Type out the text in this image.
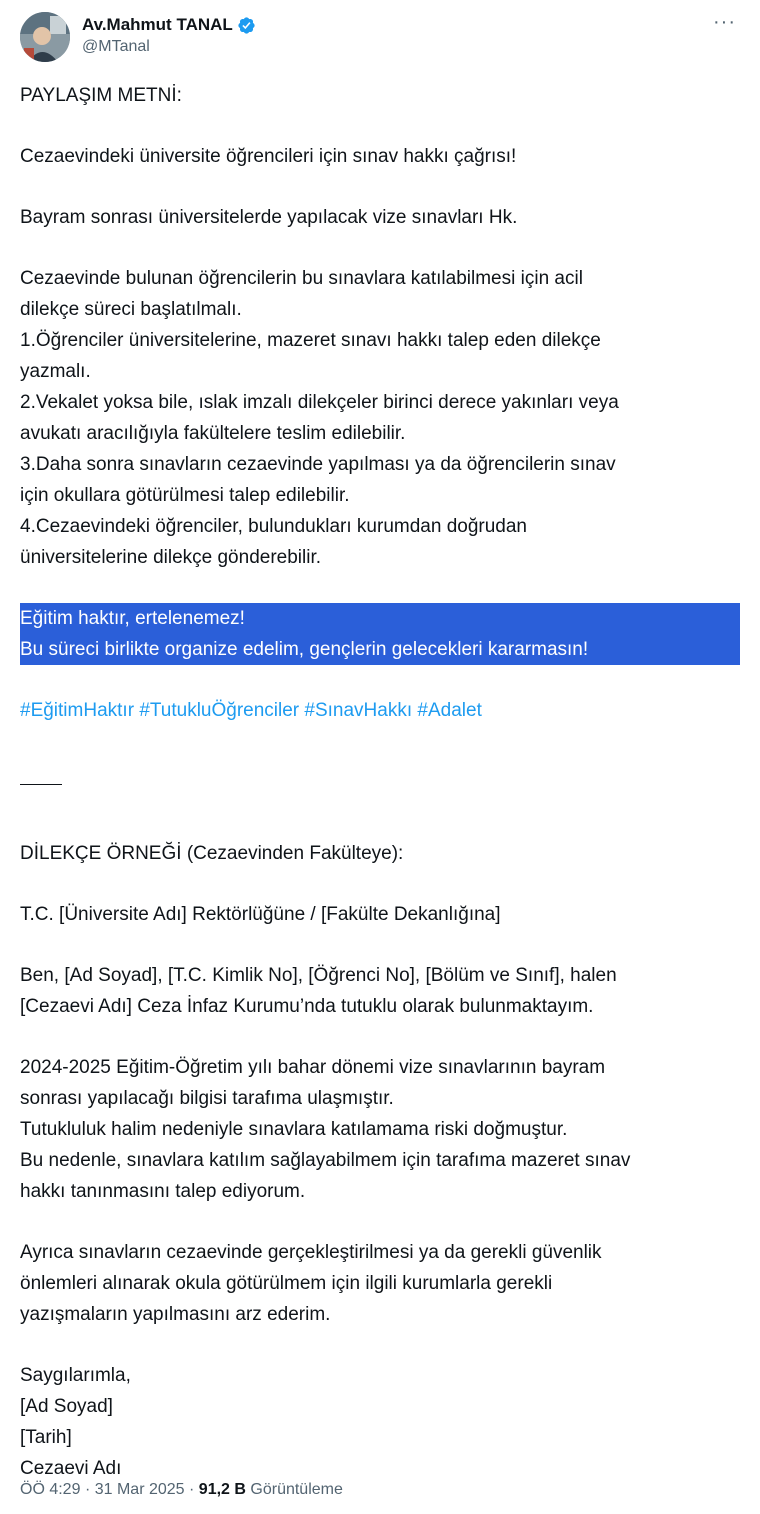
Av.Mahmut TANAL
@MTanal
···

PAYLAŞIM METNİ:

Cezaevindeki üniversite öğrencileri için sınav hakkı çağrısı!

Bayram sonrası üniversitelerde yapılacak vize sınavları Hk.

Cezaevinde bulunan öğrencilerin bu sınavlara katılabilmesi için acil
dilekçe süreci başlatılmalı.
1.Öğrenciler üniversitelerine, mazeret sınavı hakkı talep eden dilekçe
yazmalı.
2.Vekalet yoksa bile, ıslak imzalı dilekçeler birinci derece yakınları veya
avukatı aracılığıyla fakültelere teslim edilebilir.
3.Daha sonra sınavların cezaevinde yapılması ya da öğrencilerin sınav
için okullara götürülmesi talep edilebilir.
4.Cezaevindeki öğrenciler, bulundukları kurumdan doğrudan
üniversitelerine dilekçe gönderebilir.

Eğitim haktır, ertelenemez!
Bu süreci birlikte organize edelim, gençlerin gelecekleri kararmasın!

#EğitimHaktır #TutukluÖğrenciler #SınavHakkı #Adalet

DİLEKÇE ÖRNEĞİ (Cezaevinden Fakülteye):

T.C. [Üniversite Adı] Rektörlüğüne / [Fakülte Dekanlığına]

Ben, [Ad Soyad], [T.C. Kimlik No], [Öğrenci No], [Bölüm ve Sınıf], halen
[Cezaevi Adı] Ceza İnfaz Kurumu’nda tutuklu olarak bulunmaktayım.

2024-2025 Eğitim-Öğretim yılı bahar dönemi vize sınavlarının bayram
sonrası yapılacağı bilgisi tarafıma ulaşmıştır.
Tutukluluk halim nedeniyle sınavlara katılamama riski doğmuştur.
Bu nedenle, sınavlara katılım sağlayabilmem için tarafıma mazeret sınav
hakkı tanınmasını talep ediyorum.

Ayrıca sınavların cezaevinde gerçekleştirilmesi ya da gerekli güvenlik
önlemleri alınarak okula götürülmem için ilgili kurumlarla gerekli
yazışmaların yapılmasını arz ederim.

Saygılarımla,
[Ad Soyad]
[Tarih]
Cezaevi Adı

ÖÖ 4:29 · 31 Mar 2025 · 91,2 B Görüntüleme
